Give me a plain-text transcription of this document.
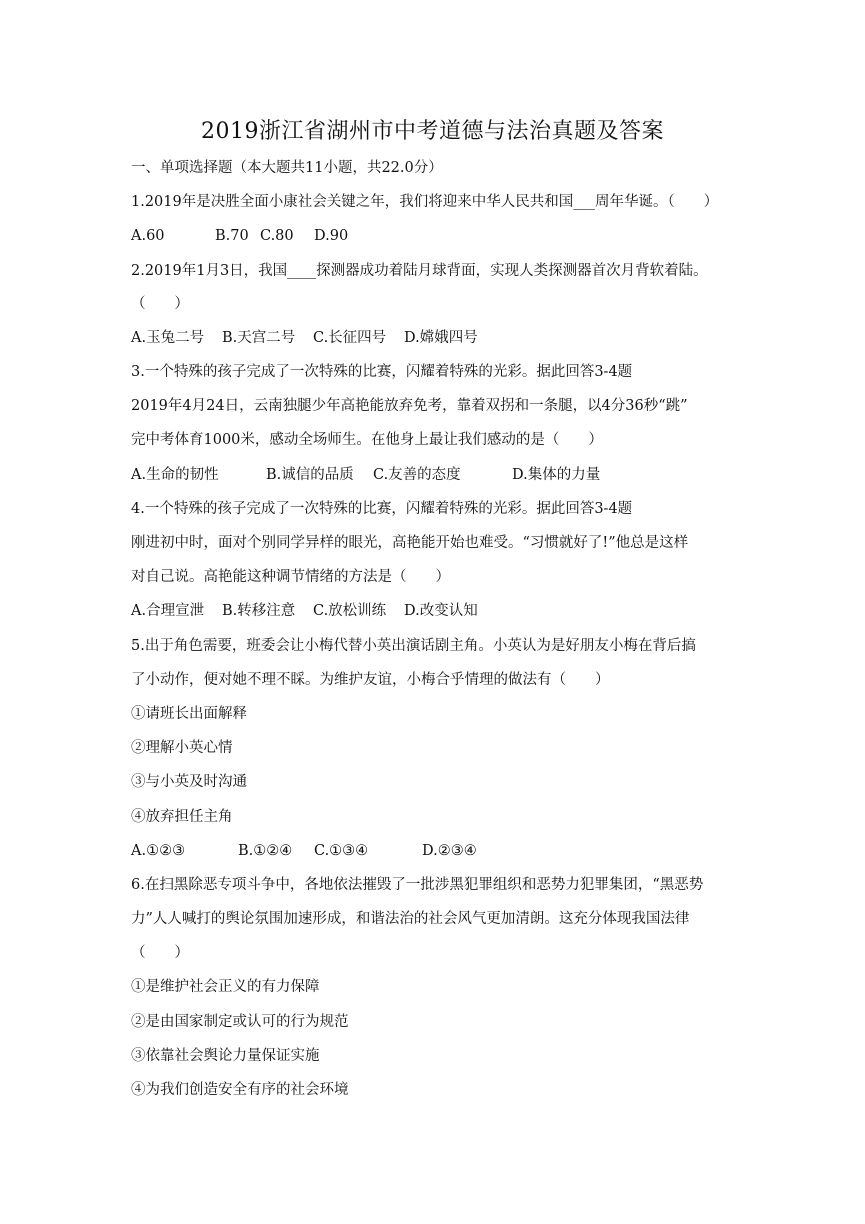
2019浙江省湖州市中考道德与法治真题及答案
一、单项选择题（本大题共11小题，共22.0分）
1.2019年是决胜全面小康社会关键之年，我们将迎来中华人民共和国___周年华诞。（　　）
A.60	B.70 C.80 D.90
2.2019年1月3日，我国____探测器成功着陆月球背面，实现人类探测器首次月背软着陆。
（　　）
A.玉兔二号 B.天宫二号 C.长征四号 D.嫦娥四号
3.一个特殊的孩子完成了一次特殊的比赛，闪耀着特殊的光彩。据此回答3-4题
2019年4月24日，云南独腿少年高艳能放弃免考，靠着双拐和一条腿，以4分36秒“跳”
完中考体育1000米，感动全场师生。在他身上最让我们感动的是（　　）
A.生命的韧性	B.诚信的品质 C.友善的态度	D.集体的力量
4.一个特殊的孩子完成了一次特殊的比赛，闪耀着特殊的光彩。据此回答3-4题
刚进初中时，面对个别同学异样的眼光，高艳能开始也难受。“习惯就好了!”他总是这样
对自己说。高艳能这种调节情绪的方法是（　　）
A.合理宣泄 B.转移注意 C.放松训练 D.改变认知
5.出于角色需要，班委会让小梅代替小英出演话剧主角。小英认为是好朋友小梅在背后搞
了小动作，便对她不理不睬。为维护友谊，小梅合乎情理的做法有（　　）
①请班长出面解释
②理解小英心情
③与小英及时沟通
④放弃担任主角
A.①②③	B.①②④ C.①③④	D.②③④
6.在扫黑除恶专项斗争中，各地依法摧毁了一批涉黑犯罪组织和恶势力犯罪集团，“黑恶势
力”人人喊打的舆论氛围加速形成，和谐法治的社会风气更加清朗。这充分体现我国法律
（　　）
①是维护社会正义的有力保障
②是由国家制定或认可的行为规范
③依靠社会舆论力量保证实施
④为我们创造安全有序的社会环境
